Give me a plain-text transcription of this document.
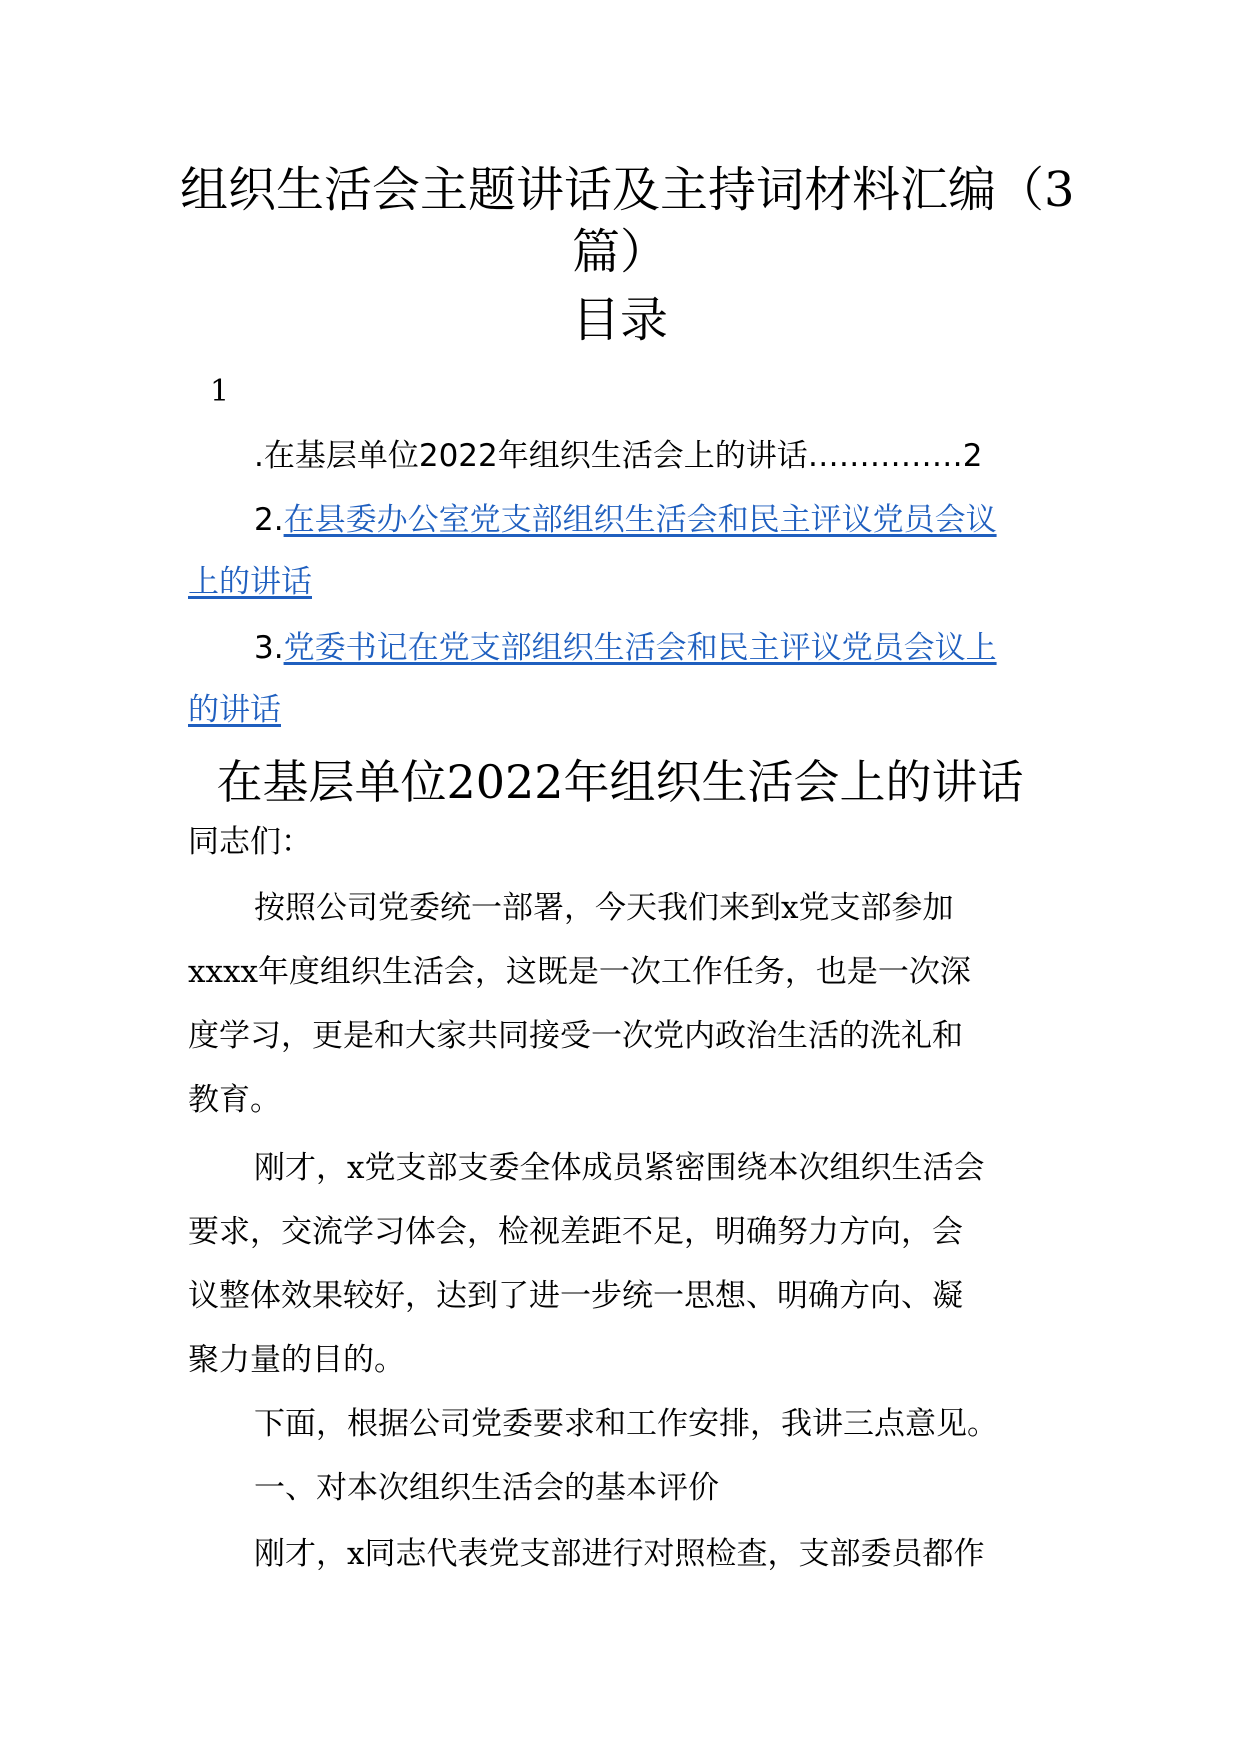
组织生活会主题讲话及主持词材料汇编（3
篇）
目录
1
.在基层单位2022年组织生活会上的讲话……………2
2.在县委办公室党支部组织生活会和民主评议党员会议
上的讲话
3.党委书记在党支部组织生活会和民主评议党员会议上
的讲话
在基层单位2022年组织生活会上的讲话
同志们：
按照公司党委统一部署，今天我们来到x党支部参加
xxxx年度组织生活会，这既是一次工作任务，也是一次深
度学习，更是和大家共同接受一次党内政治生活的洗礼和
教育。
刚才，x党支部支委全体成员紧密围绕本次组织生活会
要求，交流学习体会，检视差距不足，明确努力方向，会
议整体效果较好，达到了进一步统一思想、明确方向、凝
聚力量的目的。
下面，根据公司党委要求和工作安排，我讲三点意见。
一、对本次组织生活会的基本评价
刚才，x同志代表党支部进行对照检查，支部委员都作
